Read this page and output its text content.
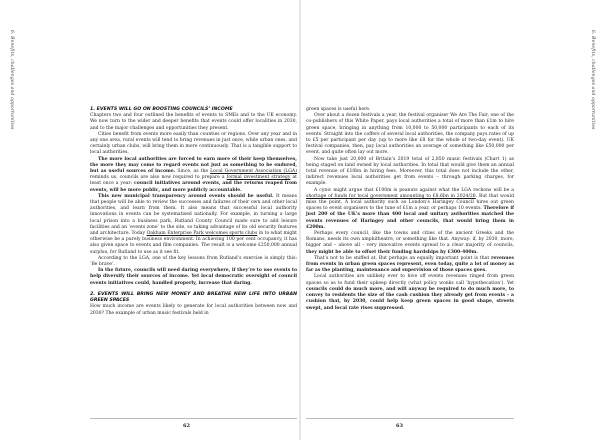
6. Benefits, challenges and opportunities	1. EVENTS WILL GO ON BOOSTING COUNCILS’ INCOME

Chapters two and four outlined the benefits of events to SMEs and to the UK economy. We now turn to the wider and deeper benefits that events could offer localities in 2030, and to the major challenges and opportunities they present.

Cities benefit from events more easily than counties or regions. Over any year and in any one area, rural events will tend to bring revenues in just once, while urban ones, and certainly urban clubs, will bring them in more continuously. That is a tangible support to local authorities.

The more local authorities are forced to earn more of their keep themselves, the more they may come to regard events not just as something to be endured, but as useful sources of income. Since, as the Local Government Association (LGA) reminds us, councils are also now required to prepare a formal investment strategy at least once a year: council initiatives around events, and the returns reaped from events, will be more public, and more publicly accountable.

This new municipal transparency around events should be useful. It means that people will be able to review the successes and failures of their own and other local authorities, and learn from them. It also means that successful local authority innovations in events can be systematised nationally. For example, in turning a large local prison into a business park, Rutland County Council made sure to add leisure facilities and an ‘events zone’ to the site, so taking advantage of its old security features and architecture. Today Oakham Enterprise Park welcomes sports clubs in to what might otherwise be a purely business environment. In achieving 100 per cent occupancy, it has also given space to events and film companies. The result is a welcome £250,000 annual surplus, for Rutland to use as it see fit.

According to the LGA, one of the key lessons from Rutland’s exercise is simply this: ‘Be brave’.

In the future, councils will need daring everywhere, if they’re to use events to help diversify their sources of income. Yet local democratic oversight of council events initiatives could, handled properly, increase that daring.

2. EVENTS WILL BRING NEW MONEY AND BREATHE NEW LIFE INTO URBAN GREEN SPACES

How much income are events likely to generate for local authorities between now and 2030? The example of urban music festivals held in

62

green spaces is useful here.

Over about a dozen festivals a year, the festival organiser We Are The Fair, one of the co-publishers of this White Paper, pays local authorities a total of more than £1m to hire green space, bringing in anything from 10,000 to 50,000 participants to each of its events. Straight into the coffers of several local authorities, the company pays rates of up to £5 per participant per day (up to more like £8 for the whole of two-day event). UK festival companies, then, pay local authorities an average of something like £50,000 per event, and quite often lay out more.

Now take just 20,000 of Britain’s 2019 total of 2,850 music festivals (Chart 1) as being staged on land owned by local authorities. In total that would give them an annual total revenue of £10bn in hiring fees. Moreover, this total does not include the other, indirect revenues local authorities get from events – through parking charges, for example.

A cynic might argue that £100m is peanuts against what the LGA reckons will be a shortage of funds for local government amounting to £8.6bn in 2024/26. But that would miss the point. A local authority such as London’s Haringey Council hires out green spaces to event organisers to the tune of £1m a year, or perhaps 10 events. Therefore if just 200 of the UK’s more than 400 local and unitary authorities matched the events revenues of Haringey and other councils, that would bring them in £200m.

Perhaps every council, like the towns and cities of the ancient Greeks and the Romans, needs its own amphitheatre, or something like that. Anyway: if, by 2030, more, bigger and – above all – very innovative events spread to a clear majority of councils, they might be able to offset their funding hardships by £300-400m.

That’s not to be sniffed at. But perhaps an equally important point is that revenues from events in urban green spaces represent, even today, quite a lot of money as far as the planting, maintenance and supervision of those spaces goes.

Local authorities are unlikely ever to hive off events revenues ringed from green spaces so as to fund their upkeep directly (what policy wonks call ‘hypothecation’). Yet councils could do much more, and will anyway be required to do much more, to convey to residents the size of the cash cushion they already get from events – a cushion that, by 2030, could help keep green spaces in good shape, streets swept, and local rate rises suppressed.

6. Benefits, challenges and opportunities
63
